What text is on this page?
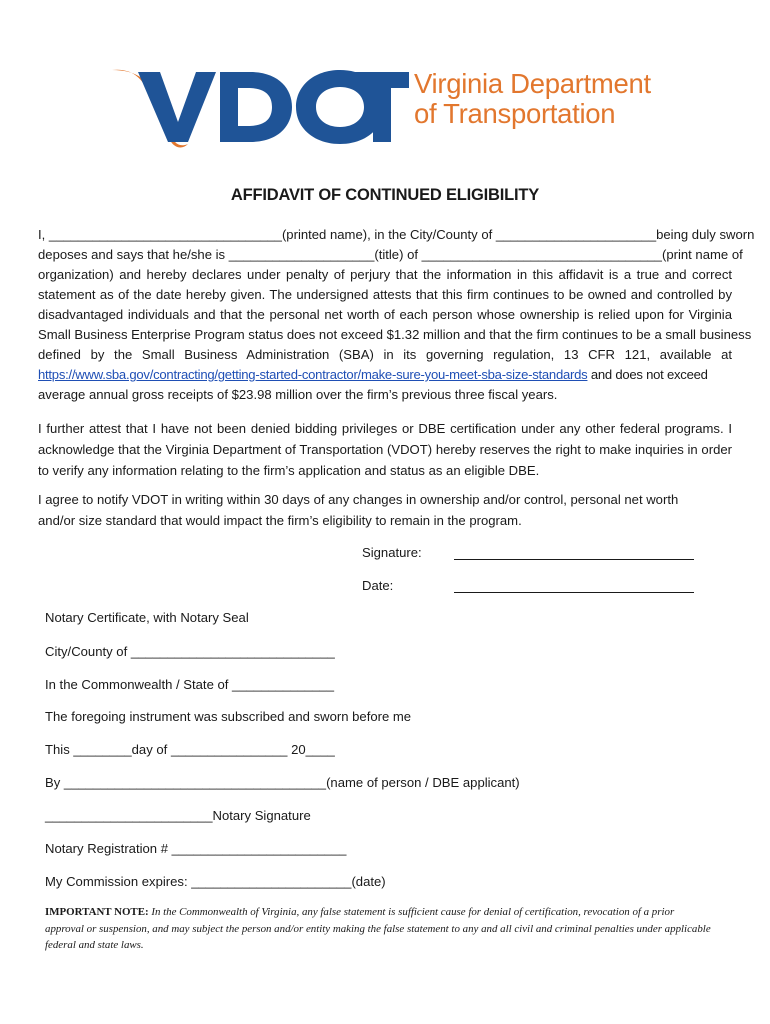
Virginia Department
of Transportation
AFFIDAVIT OF CONTINUED ELIGIBILITY
I, ________________________________(printed name), in the City/County of ______________________being duly sworn
deposes and says that he/she is ____________________(title) of _________________________________(print name of
organization) and hereby declares under penalty of perjury that the information in this affidavit is a true and correct
statement as of the date hereby given. The undersigned attests that this firm continues to be owned and controlled by
disadvantaged individuals and that the personal net worth of each person whose ownership is relied upon for Virginia
Small Business Enterprise Program status does not exceed $1.32 million and that the firm continues to be a small business
defined by the Small Business Administration (SBA) in its governing regulation, 13 CFR 121, available at
https://www.sba.gov/contracting/getting-started-contractor/make-sure-you-meet-sba-size-standards and does not exceed
average annual gross receipts of $23.98 million over the firm’s previous three fiscal years.
I further attest that I have not been denied bidding privileges or DBE certification under any other federal programs. I
acknowledge that the Virginia Department of Transportation (VDOT) hereby reserves the right to make inquiries in order
to verify any information relating to the firm’s application and status as an eligible DBE.
I agree to notify VDOT in writing within 30 days of any changes in ownership and/or control, personal net worth
and/or size standard that would impact the firm’s eligibility to remain in the program.
Signature:
Date:
Notary Certificate, with Notary Seal
City/County of ____________________________
In the Commonwealth / State of ______________
The foregoing instrument was subscribed and sworn before me
This ________day of ________________ 20____
By ____________________________________(name of person / DBE applicant)
_______________________Notary Signature
Notary Registration # ________________________
My Commission expires: ______________________(date)

IMPORTANT NOTE: In the Commonwealth of Virginia, any false statement is sufficient cause for denial of certification, revocation of a prior approval or suspension, and may subject the person and/or entity making the false statement to any and all civil and criminal penalties under applicable federal and state laws.
